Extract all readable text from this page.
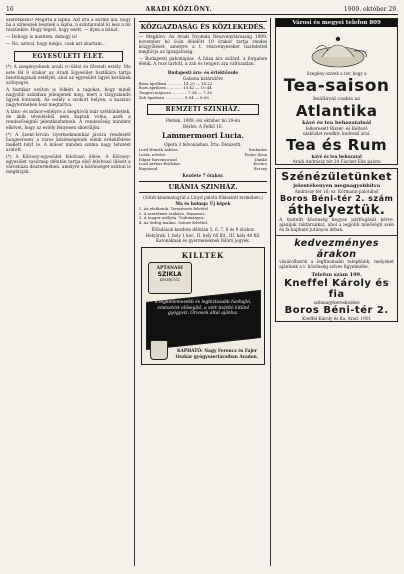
16	ARADI KÖZLÖNY.	1909. október 29.

szeretkezni? Megírta a lapba. Azt írta a körme alá, hogy ha a színészek lesznek a lapba, a színtársulat ki lesz a mi részünkre. Hogy téged, hogy esett, — ilyen a bánat.

— Dehogy is mentem, dehogy is!

— No, szóval, hogy mégis, csak azt akartam...

EGYESÜLETI ÉLET.

(*) A szegényeknek aradi rc-ülési és főrendi estély. Ma este fél 8 órakor az Aradi Egyesület tisztikara tartja bizottságának estélyét, ahol az egyesület ügyei kerülnek szőnyegre.

A tisztikar ezúton is felkéri a tagokat, hogy minél nagyobb számban jelenjenek meg, mert a tárgyalandó ügyek fontosak. Az estély a szokott helyen, a kaszinó nagytermében lesz megtartva.

A tánc- és műsor-estélyre a meghívók már szétküldettek, de akik tévedésből nem kaptak volna, azok a rendezőségnél jelentkezhetnek. A rendezőség mindent elkövet, hogy az estély fényesen sikerüljön.

(*) A Szent-István Gyermekmenház javára rendezett hangverseny a város közönségének élénk érdeklődése mellett folyt le. A műsor minden száma nagy tetszést aratott.

(*) A Kölcsey-egyesület felolvasó ülése. A Kölcsey-egyesület vasárnap délután tartja első felolvasó ülését a városháza dísztermében, amelyre a közönséget ezúton is meghívják.

KÖZGAZDASÁG ÉS KÖZLEKEDÉS.

— Meghívó. Az Aradi Nyomda Részvénytársaság 1909. november hó 8-án délelőtt 10 órakor tartja rendes közgyűlését, amelyre a t. részvényeseket tisztelettel meghívja az Igazgatóság.

— Budapesti gabonapiac. A búza ára szilárd, a forgalom élénk. A rozs tartott, a zab és tengeri ára változatlan.

Budapesti áru- és értéktőzsde
Gabona határidőre
Búza áprilisra ............ 14.20 — 14.22
Rozs áprilisra ............ 10.42 — 10.44
Tengeri májusra ............ 7.36 — 7.38
Zab áprilisra ............... 8.04 — 8.06
REMZETI SZINHÁZ.
Péntek, 1909. évi október hó 29-én
Bérlet: A Felhő 16.
Lammermoori Lucia.
Opera 3 felvonásban. Írta: Donizetti.
Lord Henrik Ashton	Szabados
Lucia, nővére	Fodor Ilona
Edgar Ravenswood	Dankó
Lord Arthur Bucklaw	Kovács
Raymond	Ercsey
Kezdete 7 órakor.
URÁNIA SZINHÁZ.
(Sötét kinematográf a Lloyd palota földszinti termében.)
Ma és holnap: Új képek
1. Az elefántok. Természeti felvétel.
2. A szerelmes szakács. Humoros.
3. A tenger mélyén. Tudományos.
4. Az ördög malma. Színes felvétel.
Előadások kezdete délután 5, 6, 7, 8 és 9 órakor.
Helyárak: I. hely 1 kor., II. hely 60 fill., III. hely 40 fill. Katonáknak és gyermekeknek félárú jegyek.
KILLTEK
APTANASI
SZIKLA
KESERŰVÍZ
a legkellemesebb és legbiztosabb hashajtó, emésztést elősegítő, a vért tisztító kitűnő gyógyvíz. Orvosok által ajánlva.
KAPHATÓ: Nagy Ferencz és Fajer Oszkár gyógyszertáraiban Aradon.
Városi és megyei telefon 809
Szegény-szívek a tor, hogy a
Tea-saison
beállával csakis az
Atlantika
kávé és tea behozatalnál
felkeresett Rizser- és Keltező
szaküzlet rendkív. kedvező árai.
Tea és Rum
kávé és tea behozatal
Aradi Andrássy tér 20 Fischer Ede palota
Szénézületünket
jelentékenyen megnagyobbítva
Andrássy tér 16. sz. Kórmann-palotából
Boros Béni-tér 2. szám
áthelyeztük.

A tiszteltt közönség kegyes pártfogását kérve, ajánljuk raktárunkat, ahol a legjobb minőségű szén és fa kapható jutányos árban.

kedvezményes árakon

vásárolhatók a legfinomabb telepfáink, melyeket ajánlunk a t. közönség szíves figyelmébe.

Telefon szám 199.
Kneffel Károly és fia
szénnagykereskedése
Boros Béni-tér 2.
Kneffel Károly és fia, Arad. 1901
